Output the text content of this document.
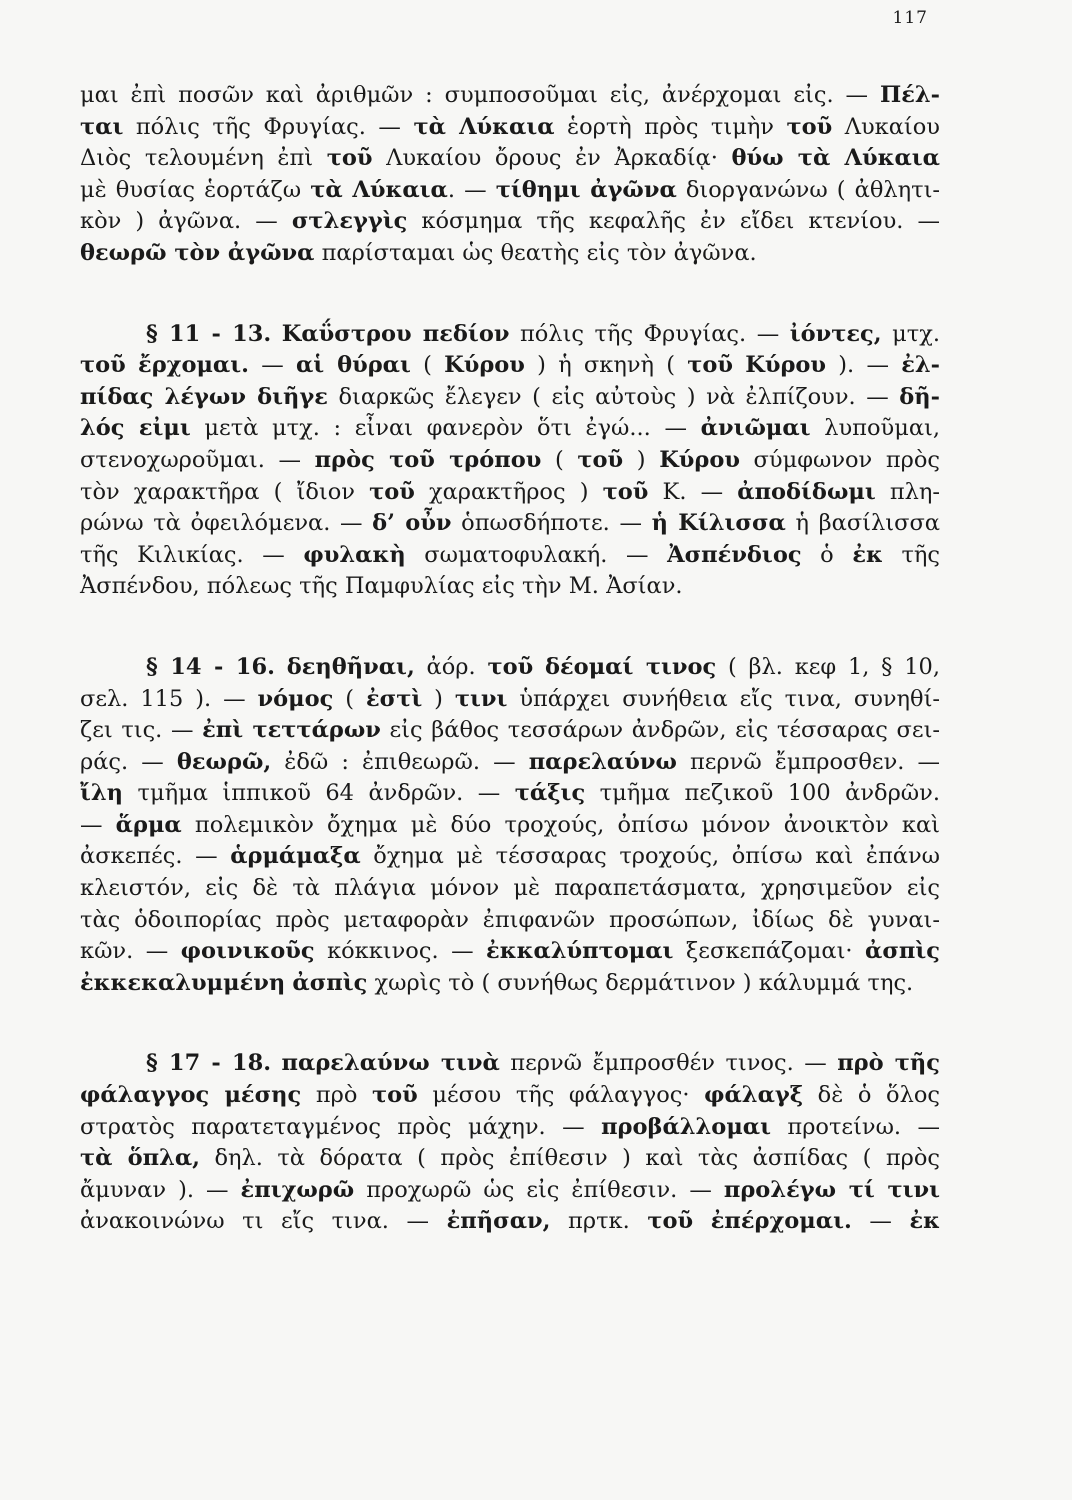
117
μαι ἐπὶ ποσῶν καὶ ἀριθμῶν : συμποσοῦμαι εἰς, ἀνέρχομαι εἰς. — Πέλ-
ται πόλις τῆς Φρυγίας. — τὰ Λύκαια ἑορτὴ πρὸς τιμὴν τοῦ Λυκαίου
Διὸς τελουμένη ἐπὶ τοῦ Λυκαίου ὄρους ἐν Ἀρκαδίᾳ· θύω τὰ Λύκαια
μὲ θυσίας ἑορτάζω τὰ Λύκαια. — τίθημι ἀγῶνα διοργανώνω ( ἀθλητι-
κὸν ) ἀγῶνα. — στλεγγὶς κόσμημα τῆς κεφαλῆς ἐν εἴδει κτενίου. —
θεωρῶ τὸν ἀγῶνα παρίσταμαι ὡς θεατὴς εἰς τὸν ἀγῶνα.
§ 11 - 13. Καΰστρου πεδίον πόλις τῆς Φρυγίας. — ἰόντες, μτχ.
τοῦ ἔρχομαι. — αἱ θύραι ( Κύρου ) ἡ σκηνὴ ( τοῦ Κύρου ). — ἐλ-
πίδας λέγων διῆγε διαρκῶς ἔλεγεν ( εἰς αὐτοὺς ) νὰ ἐλπίζουν. — δῆ-
λός εἰμι μετὰ μτχ. : εἶναι φανερὸν ὅτι ἐγώ... — ἀνιῶμαι λυποῦμαι,
στενοχωροῦμαι. — πρὸς τοῦ τρόπου ( τοῦ ) Κύρου σύμφωνον πρὸς
τὸν χαρακτῆρα ( ἴδιον τοῦ χαρακτῆρος ) τοῦ Κ. — ἀποδίδωμι πλη-
ρώνω τὰ ὀφειλόμενα. — δ’ οὖν ὁπωσδήποτε. — ἡ Κίλισσα ἡ βασίλισσα
τῆς Κιλικίας. — φυλακὴ σωματοφυλακή. — Ἀσπένδιος ὁ ἐκ τῆς
Ἀσπένδου, πόλεως τῆς Παμφυλίας εἰς τὴν Μ. Ἀσίαν.
§ 14 - 16. δεηθῆναι, ἀόρ. τοῦ δέομαί τινος ( βλ. κεφ 1, § 10,
σελ. 115 ). — νόμος ( ἐστὶ ) τινι ὑπάρχει συνήθεια εἴς τινα, συνηθί-
ζει τις. — ἐπὶ τεττάρων εἰς βάθος τεσσάρων ἀνδρῶν, εἰς τέσσαρας σει-
ράς. — θεωρῶ, ἐδῶ : ἐπιθεωρῶ. — παρελαύνω περνῶ ἔμπροσθεν. —
ἴλη τμῆμα ἱππικοῦ 64 ἀνδρῶν. — τάξις τμῆμα πεζικοῦ 100 ἀνδρῶν.
— ἅρμα πολεμικὸν ὄχημα μὲ δύο τροχούς, ὀπίσω μόνον ἀνοικτὸν καὶ
ἀσκεπές. — ἁρμάμαξα ὄχημα μὲ τέσσαρας τροχούς, ὀπίσω καὶ ἐπάνω
κλειστόν, εἰς δὲ τὰ πλάγια μόνον μὲ παραπετάσματα, χρησιμεῦον εἰς
τὰς ὁδοιπορίας πρὸς μεταφορὰν ἐπιφανῶν προσώπων, ἰδίως δὲ γυναι-
κῶν. — φοινικοῦς κόκκινος. — ἐκκαλύπτομαι ξεσκεπάζομαι· ἀσπὶς
ἐκκεκαλυμμένη ἀσπὶς χωρὶς τὸ ( συνήθως δερμάτινον ) κάλυμμά της.
§ 17 - 18. παρελαύνω τινὰ περνῶ ἔμπροσθέν τινος. — πρὸ τῆς
φάλαγγος μέσης πρὸ τοῦ μέσου τῆς φάλαγγος· φάλαγξ δὲ ὁ ὅλος
στρατὸς παρατεταγμένος πρὸς μάχην. — προβάλλομαι προτείνω. —
τὰ ὅπλα, δηλ. τὰ δόρατα ( πρὸς ἐπίθεσιν ) καὶ τὰς ἀσπίδας ( πρὸς
ἄμυναν ). — ἐπιχωρῶ προχωρῶ ὡς εἰς ἐπίθεσιν. — προλέγω τί τινι
ἀνακοινώνω τι εἴς τινα. — ἐπῆσαν, πρτκ. τοῦ ἐπέρχομαι. — ἐκ
